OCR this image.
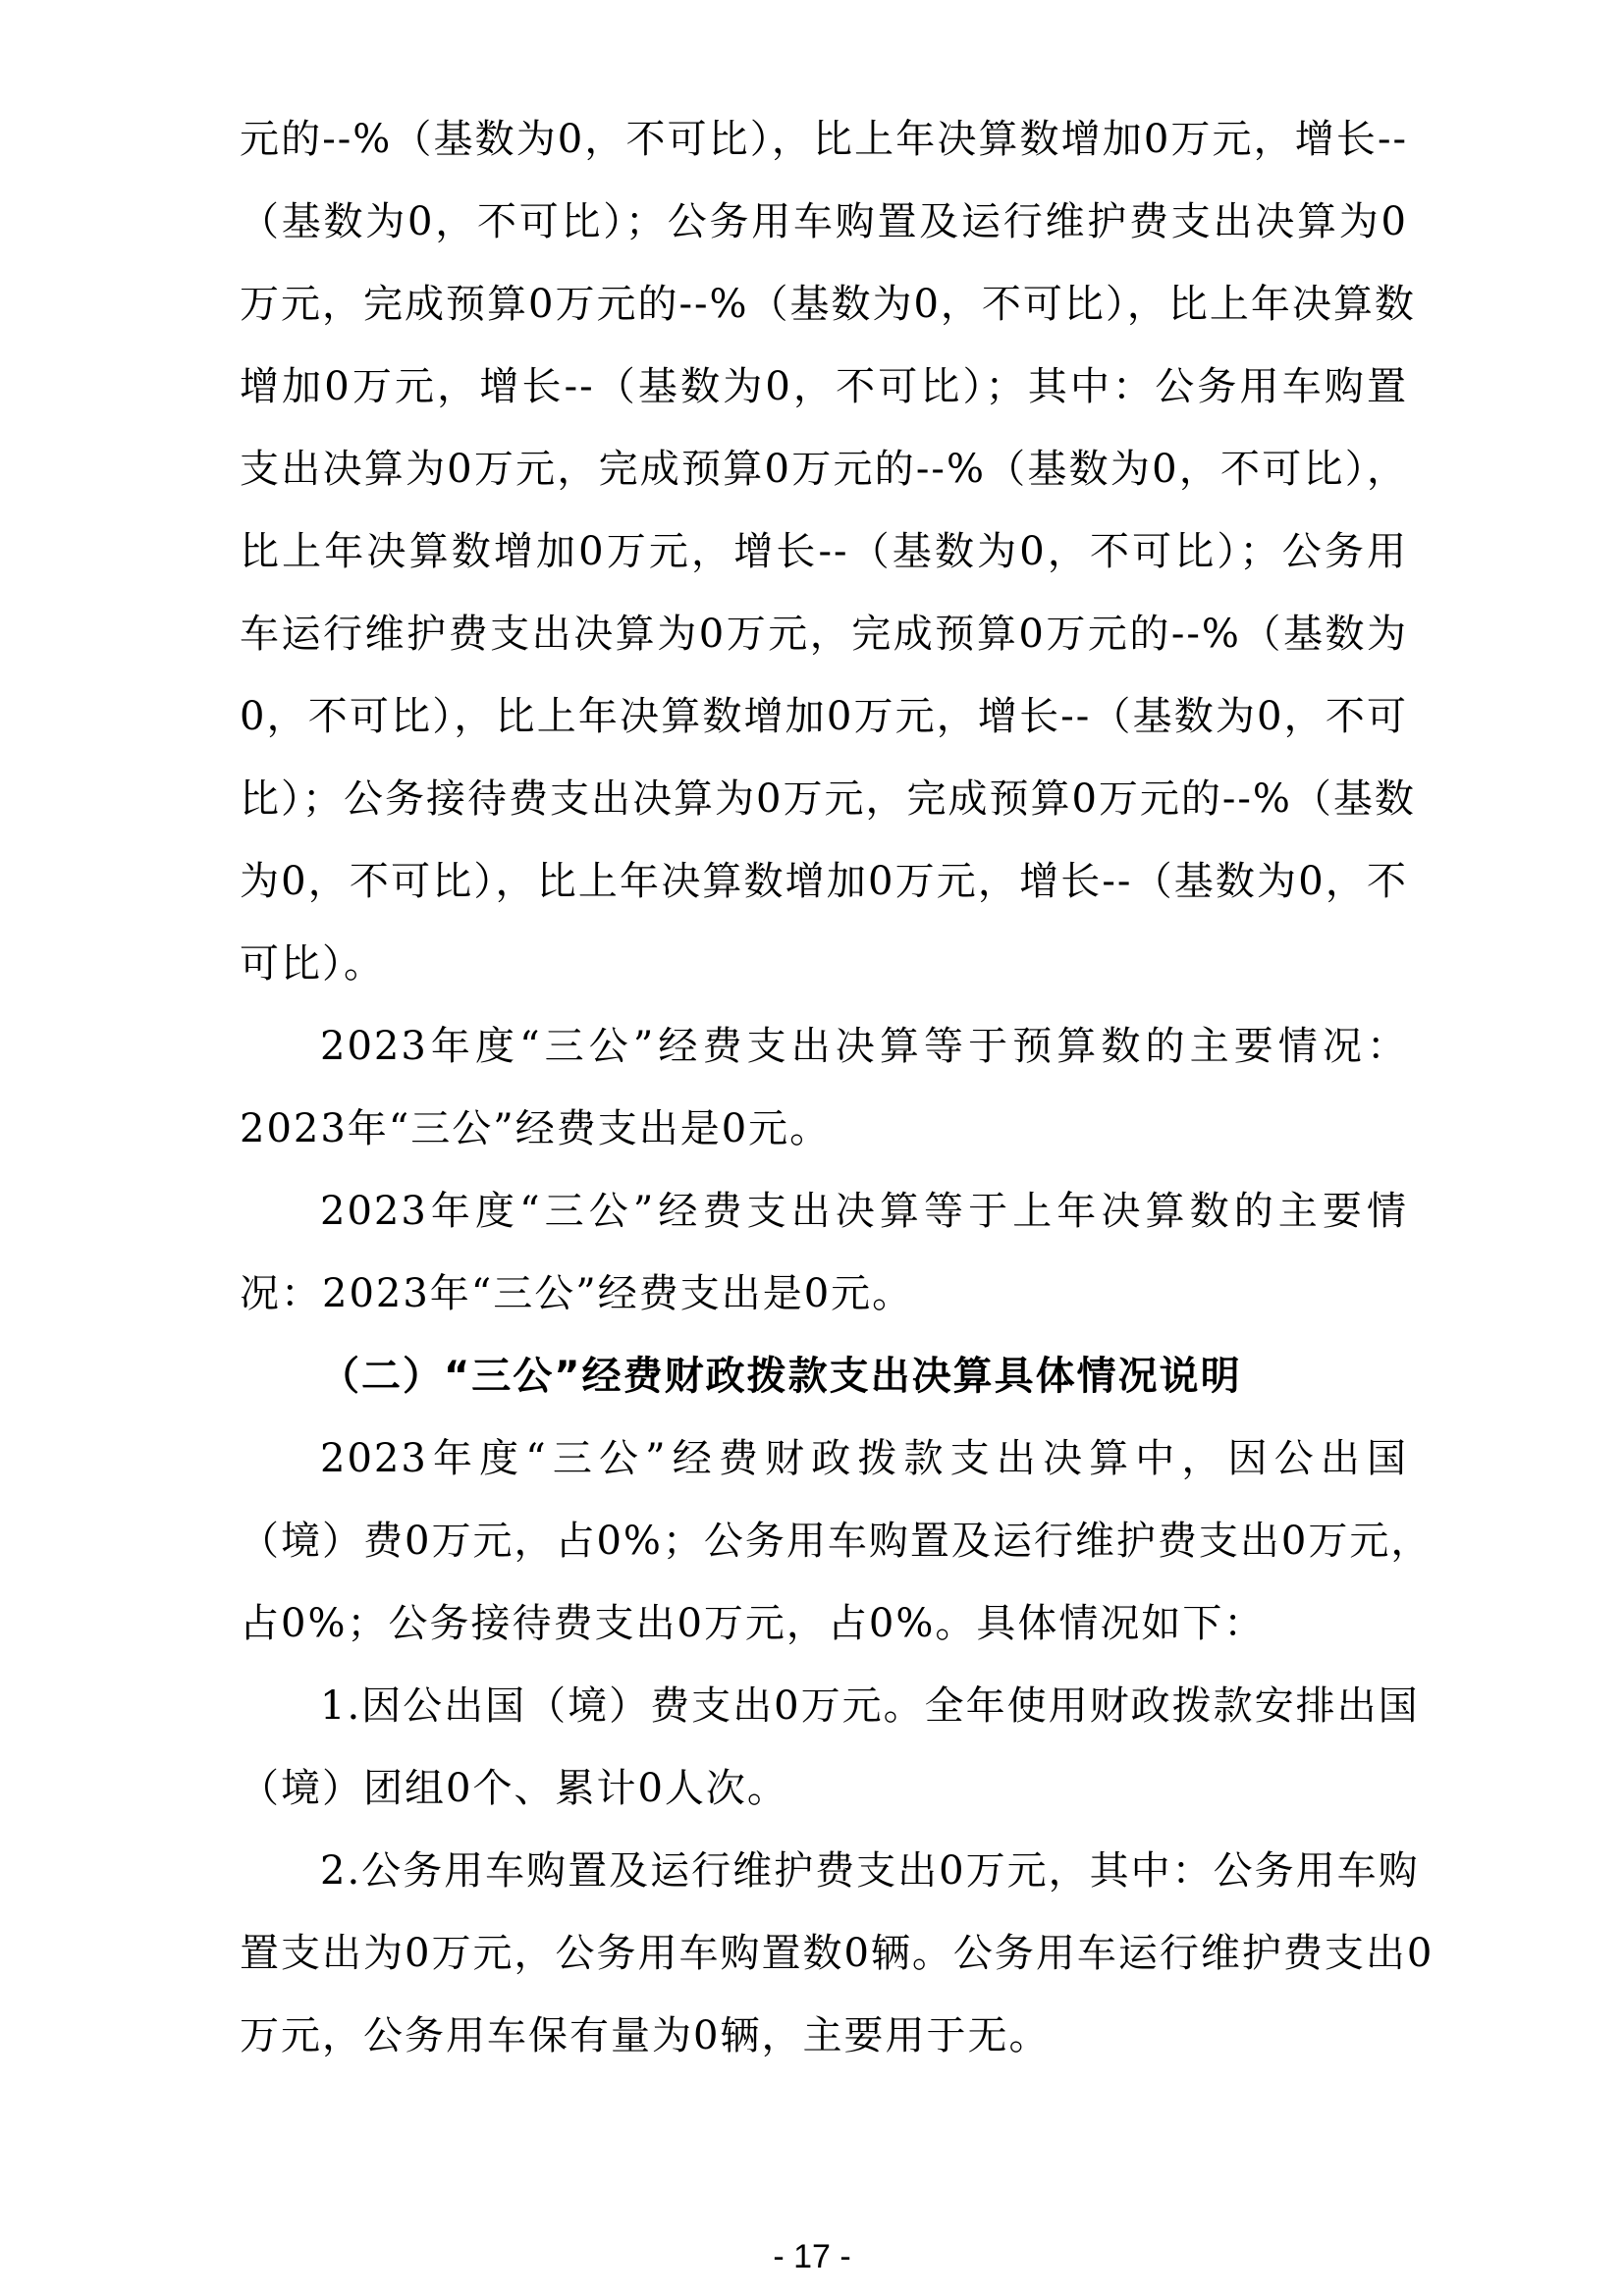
元的--%（基数为0，不可比），比上年决算数增加0万元，增长--
（基数为0，不可比）；公务用车购置及运行维护费支出决算为0
万元，完成预算0万元的--%（基数为0，不可比），比上年决算数
增加0万元，增长--（基数为0，不可比）；其中：公务用车购置
支出决算为0万元，完成预算0万元的--%（基数为0，不可比），
比上年决算数增加0万元，增长--（基数为0，不可比）；公务用
车运行维护费支出决算为0万元，完成预算0万元的--%（基数为
0，不可比），比上年决算数增加0万元，增长--（基数为0，不可
比）；公务接待费支出决算为0万元，完成预算0万元的--%（基数
为0，不可比），比上年决算数增加0万元，增长--（基数为0，不
可比）。
2023年度“三公”经费支出决算等于预算数的主要情况：
2023年“三公”经费支出是0元。
2023年度“三公”经费支出决算等于上年决算数的主要情
况：2023年“三公”经费支出是0元。
（二）“三公”经费财政拨款支出决算具体情况说明
2023年度“三公”经费财政拨款支出决算中，因公出国
（境）费0万元，占0%；公务用车购置及运行维护费支出0万元，
占0%；公务接待费支出0万元，占0%。具体情况如下：
1.因公出国（境）费支出0万元。全年使用财政拨款安排出国
（境）团组0个、累计0人次。
2.公务用车购置及运行维护费支出0万元，其中：公务用车购
置支出为0万元，公务用车购置数0辆。公务用车运行维护费支出0
万元，公务用车保有量为0辆，主要用于无。
- 17 -
